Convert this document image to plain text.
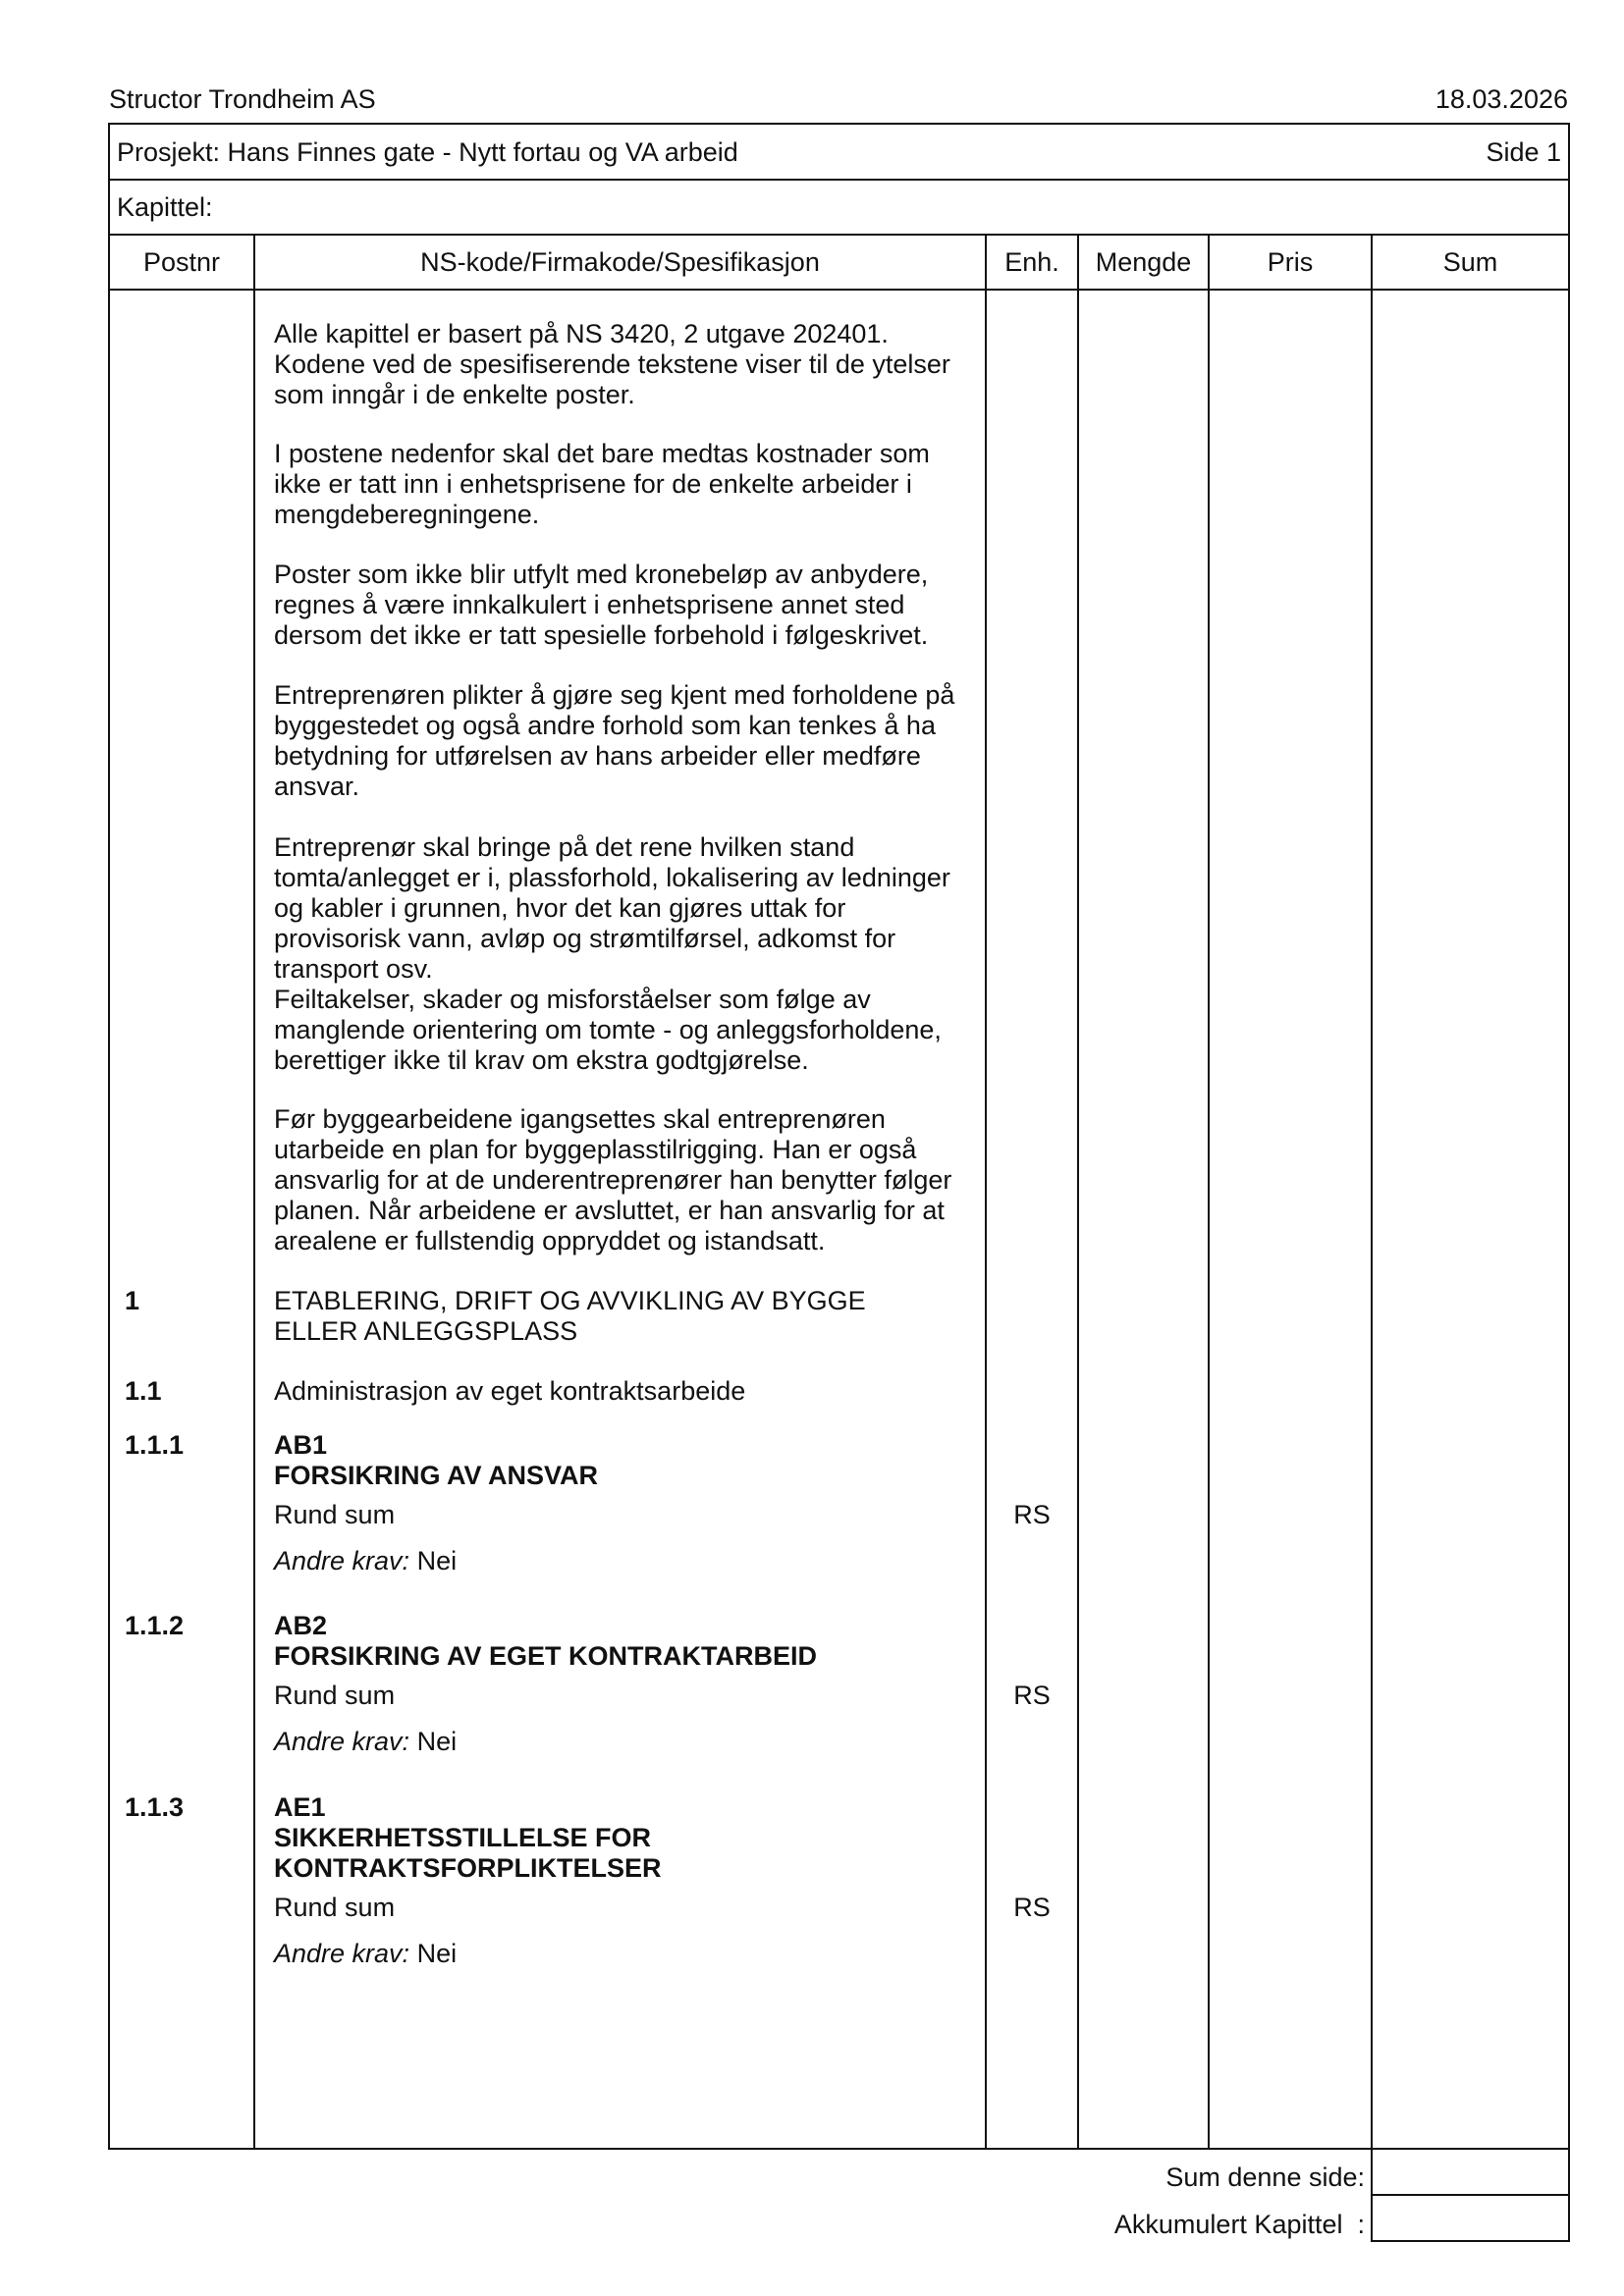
Structor Trondheim AS	18.03.2026
Prosjekt: Hans Finnes gate - Nytt fortau og VA arbeid	Side 1
Kapittel:
Postnr	NS-kode/Firmakode/Spesifikasjon	Enh.	Mengde	Pris	Sum
Alle kapittel er basert på NS 3420, 2 utgave 202401.
Kodene ved de spesifiserende tekstene viser til de ytelser
som inngår i de enkelte poster.
I postene nedenfor skal det bare medtas kostnader som
ikke er tatt inn i enhetsprisene for de enkelte arbeider i
mengdeberegningene.
Poster som ikke blir utfylt med kronebeløp av anbydere,
regnes å være innkalkulert i enhetsprisene annet sted
dersom det ikke er tatt spesielle forbehold i følgeskrivet.
Entreprenøren plikter å gjøre seg kjent med forholdene på
byggestedet og også andre forhold som kan tenkes å ha
betydning for utførelsen av hans arbeider eller medføre
ansvar.
Entreprenør skal bringe på det rene hvilken stand
tomta/anlegget er i, plassforhold, lokalisering av ledninger
og kabler i grunnen, hvor det kan gjøres uttak for
provisorisk vann, avløp og strømtilførsel, adkomst for
transport osv.
Feiltakelser, skader og misforståelser som følge av
manglende orientering om tomte - og anleggsforholdene,
berettiger ikke til krav om ekstra godtgjørelse.
Før byggearbeidene igangsettes skal entreprenøren
utarbeide en plan for byggeplasstilrigging. Han er også
ansvarlig for at de underentreprenører han benytter følger
planen. Når arbeidene er avsluttet, er han ansvarlig for at
arealene er fullstendig oppryddet og istandsatt.
1	ETABLERING, DRIFT OG AVVIKLING AV BYGGE
ELLER ANLEGGSPLASS
1.1	Administrasjon av eget kontraktsarbeide
1.1.1	AB1
FORSIKRING AV ANSVAR
Rund sum	RS
Andre krav: Nei
1.1.2	AB2
FORSIKRING AV EGET KONTRAKTARBEID
Rund sum	RS
Andre krav: Nei
1.1.3	AE1
SIKKERHETSSTILLELSE FOR
KONTRAKTSFORPLIKTELSER
Rund sum	RS
Andre krav: Nei
Sum denne side:
Akkumulert Kapittel  :
